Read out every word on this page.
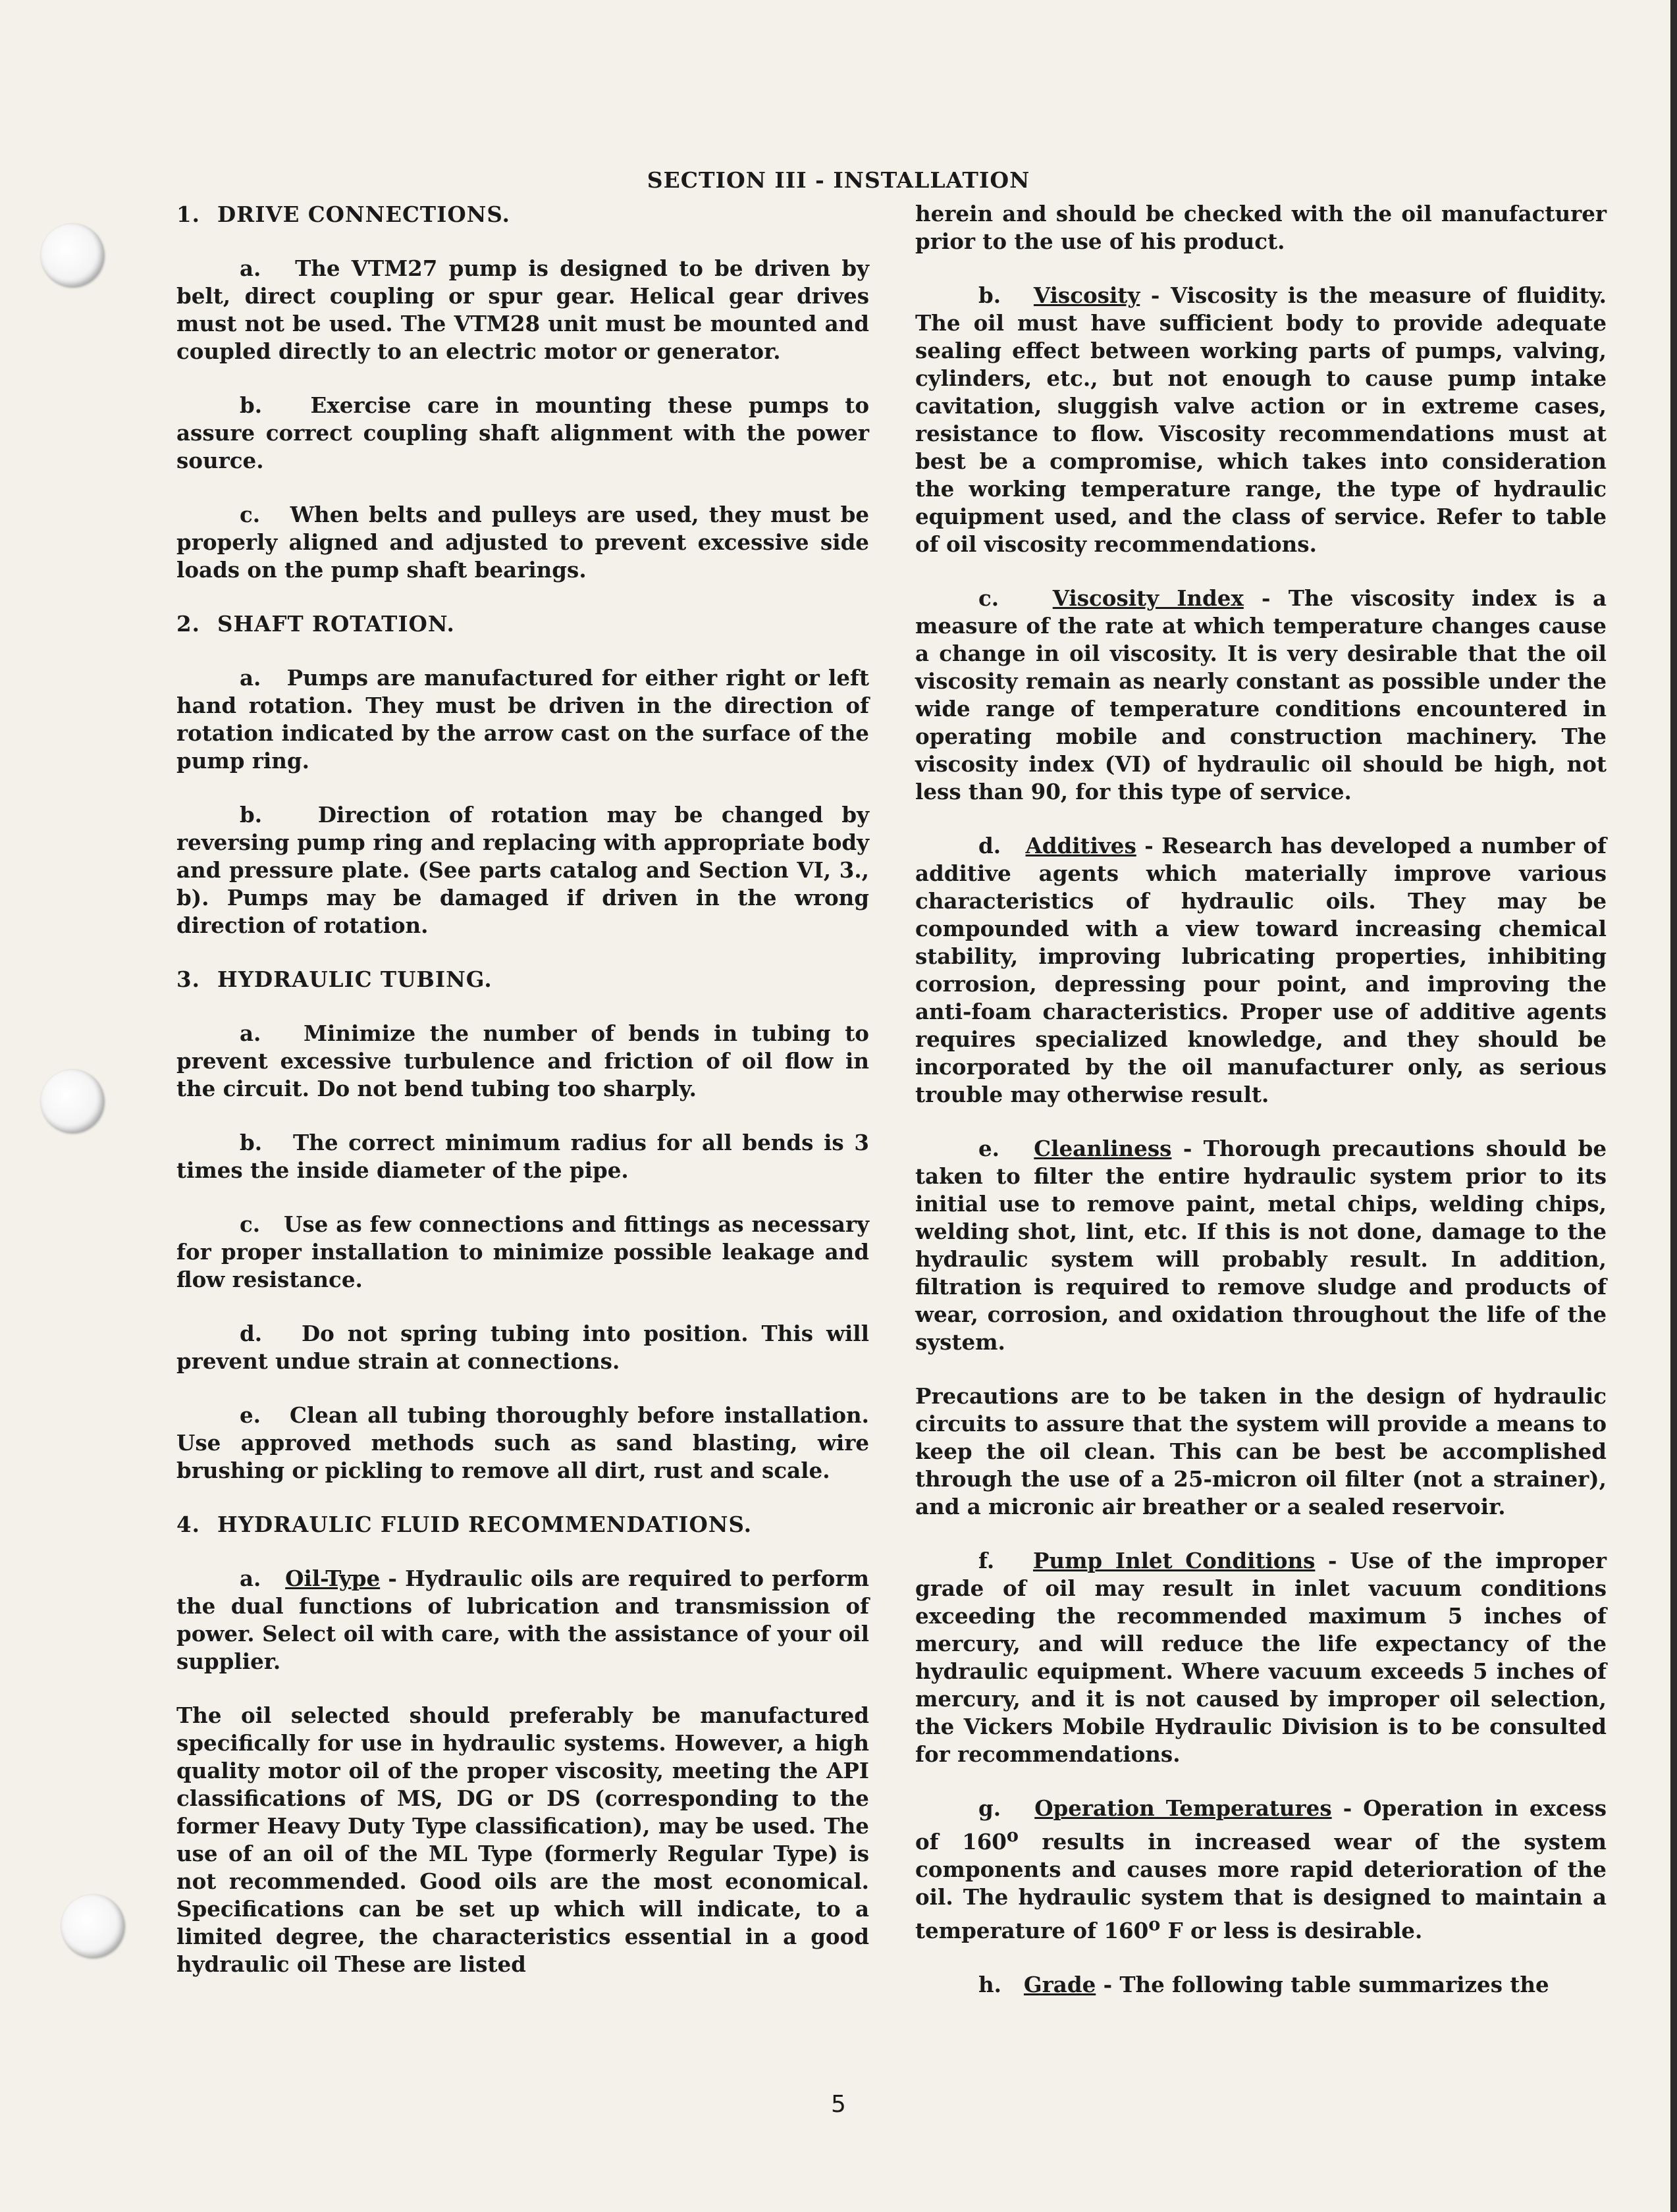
SECTION III - INSTALLATION
1. DRIVE CONNECTIONS.

a. The VTM27 pump is designed to be driven by belt, direct coupling or spur gear. Helical gear drives must not be used. The VTM28 unit must be mounted and coupled directly to an electric motor or generator.

b. Exercise care in mounting these pumps to assure correct coupling shaft alignment with the power source.

c. When belts and pulleys are used, they must be properly aligned and adjusted to prevent excessive side loads on the pump shaft bearings.

2. SHAFT ROTATION.

a. Pumps are manufactured for either right or left hand rotation. They must be driven in the direction of rotation indicated by the arrow cast on the surface of the pump ring.

b.	Direction of rotation may be changed by reversing pump ring and replacing with appropriate body and pressure plate. (See parts catalog and Section VI, 3., b). Pumps may be damaged if driven in the wrong direction of rotation.

3. HYDRAULIC TUBING.

a. Minimize the number of bends in tubing to prevent excessive turbulence and friction of oil flow in the circuit. Do not bend tubing too sharply.

b. The correct minimum radius for all bends is 3 times the inside diameter of the pipe.

c. Use as few connections and fittings as necessary for proper installation to minimize possible leakage and flow resistance.

d. Do not spring tubing into position. This will prevent undue strain at connections.

e. Clean all tubing thoroughly before installation. Use approved methods such as sand blasting, wire brushing or pickling to remove all dirt, rust and scale.

4. HYDRAULIC FLUID RECOMMENDATIONS.

a. Oil-Type - Hydraulic oils are required to perform the dual functions of lubrication and transmission of power. Select oil with care, with the assistance of your oil supplier.

The oil selected should preferably be manufactured specifically for use in hydraulic systems. However, a high quality motor oil of the proper viscosity, meeting the API classifications of MS, DG or DS (corresponding to the former Heavy Duty Type classification), may be used. The use of an oil of the ML Type (formerly Regular Type) is not recommended. Good oils are the most economical. Specifications can be set up which will indicate, to a limited degree, the characteristics essential in a good hydraulic oil These are listed

herein and should be checked with the oil manufacturer prior to the use of his product.

b. Viscosity - Viscosity is the measure of fluidity. The oil must have sufficient body to provide adequate sealing effect between working parts of pumps, valving, cylinders, etc., but not enough to cause pump intake cavitation, sluggish valve action or in extreme cases, resistance to flow. Viscosity recommendations must at best be a compromise, which takes into consideration the working temperature range, the type of hydraulic equipment used, and the class of service. Refer to table of oil viscosity recommendations.

c.	Viscosity Index - The viscosity index is a measure of the rate at which temperature changes cause a change in oil viscosity. It is very desirable that the oil viscosity remain as nearly constant as possible under the wide range of temperature conditions encountered in operating mobile and construction machinery. The viscosity index (VI) of hydraulic oil should be high, not less than 90, for this type of service.

d. Additives - Research has developed a number of additive agents which materially improve various characteristics of hydraulic oils. They may be compounded with a view toward increasing chemical stability, improving lubricating properties, inhibiting corrosion, depressing pour point, and improving the anti-foam characteristics. Proper use of additive agents requires specialized knowledge, and they should be incorporated by the oil manufacturer only, as serious trouble may otherwise result.

e. Cleanliness - Thorough precautions should be taken to filter the entire hydraulic system prior to its initial use to remove paint, metal chips, welding chips, welding shot, lint, etc. If this is not done, damage to the hydraulic system will probably result. In addition, filtration is required to remove sludge and products of wear, corrosion, and oxidation throughout the life of the system.

Precautions are to be taken in the design of hydraulic circuits to assure that the system will provide a means to keep the oil clean. This can be best be accomplished through the use of a 25-micron oil filter (not a strainer), and a micronic air breather or a sealed reservoir.

f. Pump Inlet Conditions - Use of the improper grade of oil may result in inlet vacuum conditions exceeding the recommended maximum 5 inches of mercury, and will reduce the life expectancy of the hydraulic equipment. Where vacuum exceeds 5 inches of mercury, and it is not caused by improper oil selection, the Vickers Mobile Hydraulic Division is to be consulted for recommendations.

g. Operation Temperatures - Operation in excess of 160$^o$ results in increased wear of the system components and causes more rapid deterioration of the oil. The hydraulic system that is designed to maintain a temperature of 160$^o$ F or less is desirable.

h. Grade - The following table summarizes the

5
